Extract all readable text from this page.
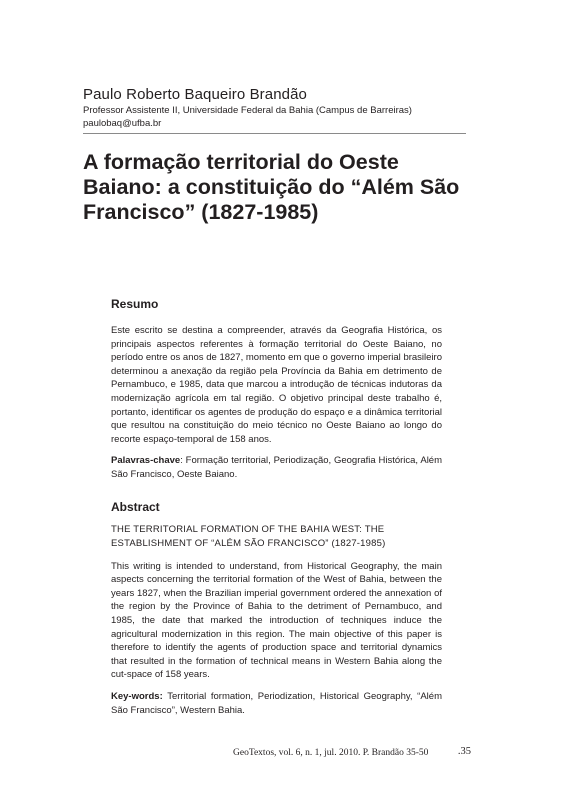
Paulo Roberto Baqueiro Brandão
Professor Assistente II, Universidade Federal da Bahia (Campus de Barreiras)
paulobaq@ufba.br
A formação territorial do Oeste Baiano: a constituição do “Além São Francisco” (1827-1985)
Resumo

Este escrito se destina a compreender, através da Geografia Histórica, os principais aspectos referentes à formação territorial do Oeste Baiano, no período entre os anos de 1827, momento em que o governo imperial brasileiro determinou a anexação da região pela Província da Bahia em detrimento de Pernambuco, e 1985, data que marcou a introdução de técnicas indutoras da modernização agrícola em tal região. O objetivo principal deste trabalho é, portanto, identificar os agentes de produção do espaço e a dinâmica territorial que resultou na constituição do meio técnico no Oeste Baiano ao longo do recorte espaço-temporal de 158 anos.

Palavras-chave: Formação territorial, Periodização, Geografia Histórica, Além São Francisco, Oeste Baiano.

Abstract

THE TERRITORIAL FORMATION OF THE BAHIA WEST: THE ESTABLISHMENT OF “ALÉM SÃO FRANCISCO” (1827-1985)

This writing is intended to understand, from Historical Geography, the main aspects concerning the territorial formation of the West of Bahia, between the years 1827, when the Brazilian imperial government ordered the annexation of the region by the Province of Bahia to the detriment of Pernambuco, and 1985, the date that marked the introduction of techniques induce the agricultural modernization in this region. The main objective of this paper is therefore to identify the agents of production space and territorial dynamics that resulted in the formation of technical means in Western Bahia along the cut-space of 158 years.

Key-words: Territorial formation, Periodization, Historical Geography, “Além São Francisco”, Western Bahia.

GeoTextos, vol. 6, n. 1, jul. 2010. P. Brandão 35-50	.35
